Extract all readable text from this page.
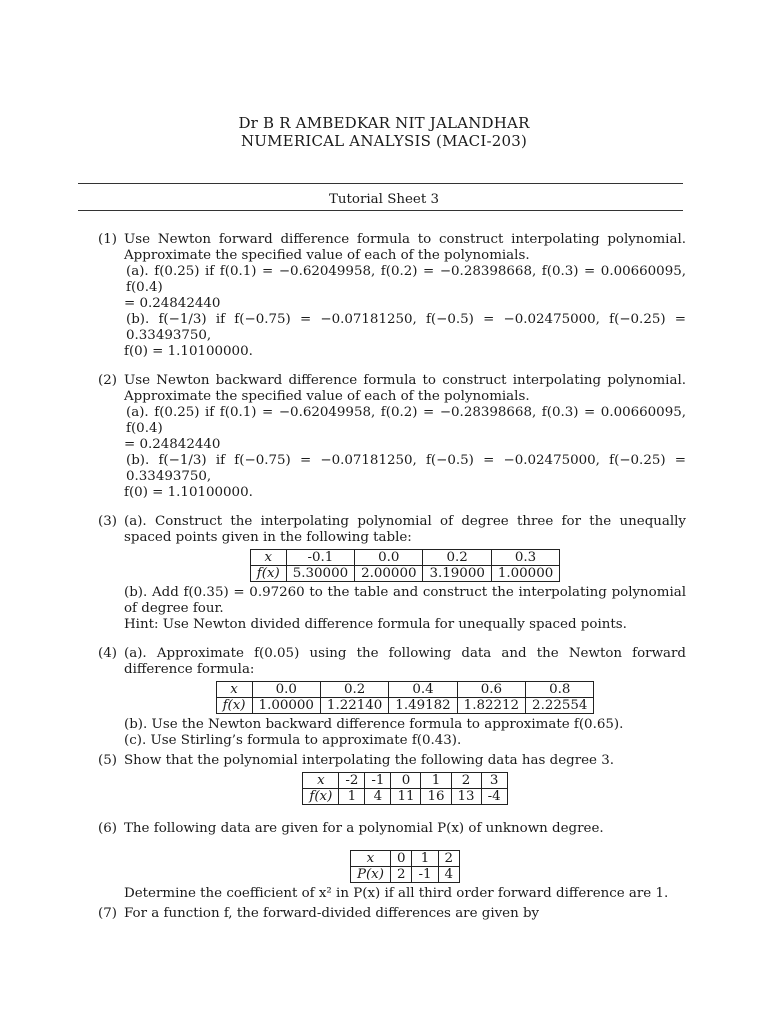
Dr B R AMBEDKAR NIT JALANDHAR
NUMERICAL ANALYSIS (MACI-203)
Tutorial Sheet 3
(1) Use Newton forward difference formula to construct interpolating polynomial. Approximate the specified value of each of the polynomials.
(a). f(0.25) if f(0.1) = −0.62049958, f(0.2) = −0.28398668, f(0.3) = 0.00660095, f(0.4)
= 0.24842440
(b). f(−1/3) if f(−0.75) = −0.07181250, f(−0.5) = −0.02475000, f(−0.25) = 0.33493750,
f(0) = 1.10100000.
(2) Use Newton backward difference formula to construct interpolating polynomial. Approximate the specified value of each of the polynomials.
(a). f(0.25) if f(0.1) = −0.62049958, f(0.2) = −0.28398668, f(0.3) = 0.00660095, f(0.4)
= 0.24842440
(b). f(−1/3) if f(−0.75) = −0.07181250, f(−0.5) = −0.02475000, f(−0.25) = 0.33493750,
f(0) = 1.10100000.
(3) (a). Construct the interpolating polynomial of degree three for the unequally spaced points given in the following table:
x	-0.1	0.0	0.2	0.3
f(x)	5.30000	2.00000	3.19000	1.00000
(b). Add f(0.35) = 0.97260 to the table and construct the interpolating polynomial of degree four.
Hint: Use Newton divided difference formula for unequally spaced points.
(4) (a). Approximate f(0.05) using the following data and the Newton forward difference formula:
x	0.0	0.2	0.4	0.6	0.8
f(x)	1.00000	1.22140	1.49182	1.82212	2.22554
(b). Use the Newton backward difference formula to approximate f(0.65).
(c). Use Stirling’s formula to approximate f(0.43).
(5) Show that the polynomial interpolating the following data has degree 3.
x	-2	-1	0	1	2	3
f(x)	1	4	11	16	13	-4
(6) The following data are given for a polynomial P(x) of unknown degree.
x	0	1	2
P(x)	2	-1	4
Determine the coefficient of x² in P(x) if all third order forward difference are 1.
(7) For a function f, the forward-divided differences are given by
